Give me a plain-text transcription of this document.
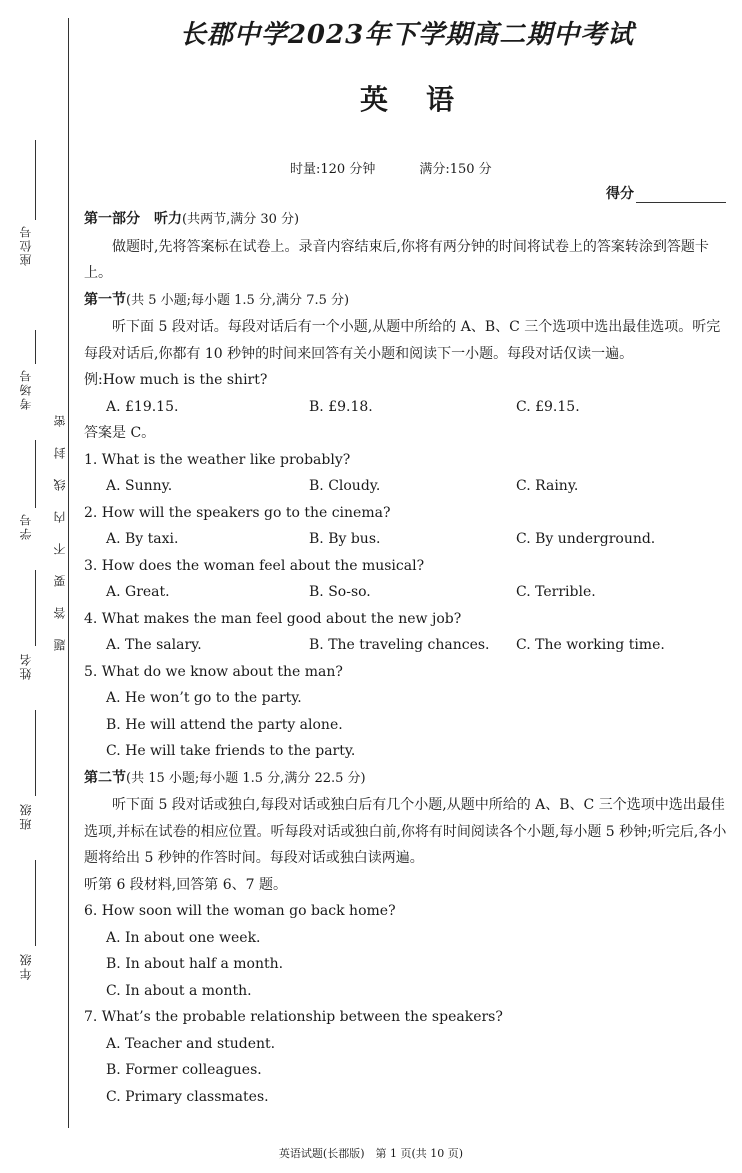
座位号
考场号
学号
姓名
班级
年级
题答要不内线封密
长郡中学2023年下学期高二期中考试
英语
时量:120 分钟	满分:150 分
得分

第一部分　听力(共两节,满分 30 分)

做题时,先将答案标在试卷上。录音内容结束后,你将有两分钟的时间将试卷上的答案转涂到答题卡上。

第一节(共 5 小题;每小题 1.5 分,满分 7.5 分)

听下面 5 段对话。每段对话后有一个小题,从题中所给的 A、B、C 三个选项中选出最佳选项。听完每段对话后,你都有 10 秒钟的时间来回答有关小题和阅读下一小题。每段对话仅读一遍。

例:How much is the shirt?

A. £19.15.	B. £9.18.	C. £9.15.

答案是 C。

1. What is the weather like probably?

A. Sunny.	B. Cloudy.	C. Rainy.

2. How will the speakers go to the cinema?

A. By taxi.	B. By bus.	C. By underground.

3. How does the woman feel about the musical?

A. Great.	B. So-so.	C. Terrible.

4. What makes the man feel good about the new job?

A. The salary.	B. The traveling chances.	C. The working time.

5. What do we know about the man?

A. He won’t go to the party.

B. He will attend the party alone.

C. He will take friends to the party.

第二节(共 15 小题;每小题 1.5 分,满分 22.5 分)

听下面 5 段对话或独白,每段对话或独白后有几个小题,从题中所给的 A、B、C 三个选项中选出最佳选项,并标在试卷的相应位置。听每段对话或独白前,你将有时间阅读各个小题,每小题 5 秒钟;听完后,各小题将给出 5 秒钟的作答时间。每段对话或独白读两遍。

听第 6 段材料,回答第 6、7 题。

6. How soon will the woman go back home?

A. In about one week.

B. In about half a month.

C. In about a month.

7. What’s the probable relationship between the speakers?

A. Teacher and student.

B. Former colleagues.

C. Primary classmates.

英语试题(长郡版)　第 1 页(共 10 页)
